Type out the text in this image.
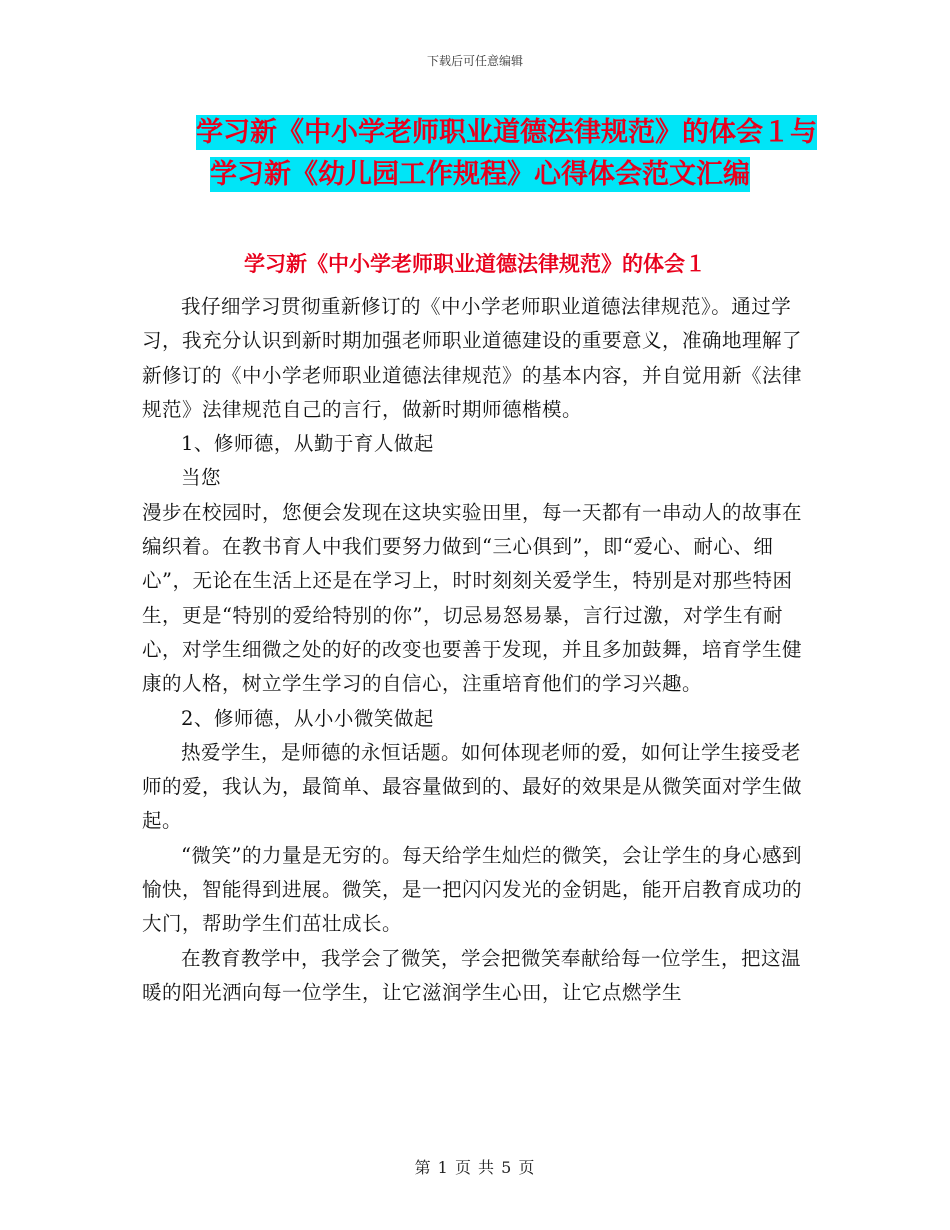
下载后可任意编辑
学习新《中小学老师职业道德法律规范》的体会１与
学习新《幼儿园工作规程》心得体会范文汇编
学习新《中小学老师职业道德法律规范》的体会１

我仔细学习贯彻重新修订的《中小学老师职业道德法律规范》。通过学习，我充分认识到新时期加强老师职业道德建设的重要意义，准确地理解了新修订的《中小学老师职业道德法律规范》的基本内容，并自觉用新《法律规范》法律规范自己的言行，做新时期师德楷模。

1、修师德，从勤于育人做起

当您

漫步在校园时，您便会发现在这块实验田里，每一天都有一串动人的故事在编织着。在教书育人中我们要努力做到“三心俱到”，即“爱心、耐心、细心”，无论在生活上还是在学习上，时时刻刻关爱学生，特别是对那些特困生，更是“特别的爱给特别的你”，切忌易怒易暴，言行过激，对学生有耐心，对学生细微之处的好的改变也要善于发现，并且多加鼓舞，培育学生健康的人格，树立学生学习的自信心，注重培育他们的学习兴趣。

2、修师德，从小小微笑做起

热爱学生，是师德的永恒话题。如何体现老师的爱，如何让学生接受老师的爱，我认为，最简单、最容量做到的、最好的效果是从微笑面对学生做起。

“微笑”的力量是无穷的。每天给学生灿烂的微笑，会让学生的身心感到愉快，智能得到进展。微笑，是一把闪闪发光的金钥匙，能开启教育成功的大门，帮助学生们茁壮成长。

在教育教学中，我学会了微笑，学会把微笑奉献给每一位学生，把这温暖的阳光洒向每一位学生，让它滋润学生心田，让它点燃学生

第 1 页 共 5 页
